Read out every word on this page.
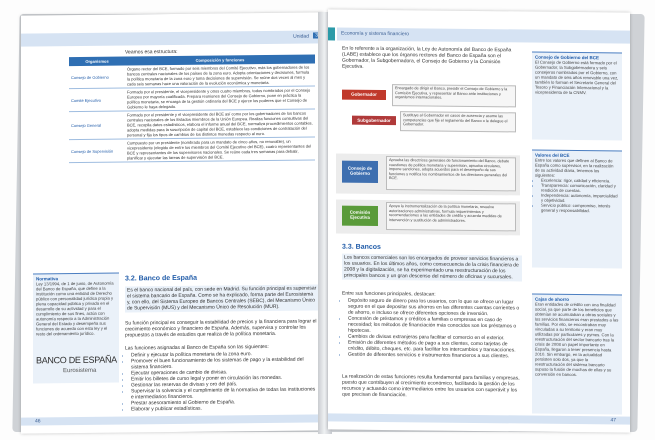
Unidad	3
Veamos esa estructura:
Organismos	Composición y funciones
Consejo de Gobierno	Órgano rector del BCE, formado por seis miembros del Comité Ejecutivo, más los gobernadores de los bancos centrales nacionales de los países de la zona euro. Adopta orientaciones y decisiones, formula la política monetaria de la zona euro y toma decisiones de supervisión. Se reúne dos veces al mes y cada seis semanas hace una valoración de la evolución económica y monetaria.
Comité Ejecutivo	Formado por el presidente, el vicepresidente y otros cuatro miembros, todos nombrados por el Consejo Europeo por mayoría cualificada. Prepara reuniones del Consejo de Gobierno, pone en práctica la política monetaria, se encarga de la gestión ordinaria del BCE y ejerce los poderes que el Consejo de Gobierno le haya delegado.
Consejo General	Formado por el presidente y el vicepresidente del BCE así como por los gobernadores de los bancos centrales nacionales de los Estados miembros de la Unión Europea. Realiza funciones consultivas del BCE, recopila datos estadísticos, elabora el informe anual del BCE, normaliza procedimientos contables, adopta medidas para la suscripción de capital del BCE, establece las condiciones de contratación del personal y fija los tipos de cambios de los distintos monedas respecto al euro.
Consejo de Supervisión	Compuesto por un presidente (nombrado para un mandato de cinco años, no renovable), un vicepresidente (elegido de entre los miembros del Comité Ejecutivo del BCE), cuatro representantes del BCE y representantes de los supervisores nacionales. Se reúne cada tres semanas para debatir, planificar y ejecutar las tareas de supervisión del BCE.
Normativa
Ley 13/1994, de 1 de junio, de Autonomía del Banco de España, que define a la institución como una entidad de Derecho público con personalidad jurídica propia y plena capacidad pública y privada en el desarrollo de su actividad y para el cumplimiento de sus fines, actúa con autonomía respecto a la Administración General del Estado y desempeña sus funciones de acuerdo con esta ley y el resto del ordenamiento jurídico.
BANCO DE ESPAÑA
Eurosistema
3.2. Banco de España
Es el banco nacional del país, con sede en Madrid. Su función principal es supervisar el sistema bancario de España. Como se ha explicado, forma parte del Eurosistema y, con ello, del Sistema Europeo de Bancos Centrales (SEBC), del Mecanismo Único de Supervisión (MUS) y del Mecanismo Único de Resolución (MUR).
Su función principal es conseguir la estabilidad de precios y la financiera para lograr el crecimiento económico y financiero de España. Además, supervisa y controlar los propuestos a través de estudios que realiza de la política monetaria.
Las funciones asignadas al Banco de España son las siguientes:
• Definir y ejecutar la política monetaria de la zona euro.
• Promover el buen funcionamiento de los sistemas de pago y la estabilidad del sistema financiero.
• Ejecutar operaciones de cambio de divisas.
• Emitir los billetes de curso legal y poner en circulación las monedas.
• Gestionar las reservas de divisas y oro del país.
• Supervisar la solvencia y el cumplimiento de la normativa de todas las instituciones e intermediarios financieros.
• Prestar asesoramiento al Gobierno de España.
• Elaborar y publicar estadísticas.
46
Economía y sistema financiero
En lo referente a la organización, la Ley de Autonomía del Banco de España (LABE) establece que los órganos rectores del Banco de España son el Gobernador, la Subgobernadora, el Consejo de Gobierno y la Comisión Ejecutiva.
Gobernador
Encargado de dirigir el Banco, presidir el Consejo de Gobierno y la Comisión Ejecutiva, y representar al Banco ante instituciones y organismos internacionales.
Subgobernador
Sustituye al Gobernador en casos de ausencia y asume las competencias que fije el reglamento del Banco o le delegue el Gobernador.
Consejo de Gobierno
Aprueba las directrices generales de funcionamiento del Banco, debate cuestiones de política monetaria y supervisión, aprueba circulares, impone sanciones, adopta acuerdos para el desempeño de sus funciones y notifica los nombramientos de los directores generales del BCE.
Comisión Ejecutiva
Apoya la instrumentalización de la política monetaria, resuelve autorizaciones administrativas, formula requerimientos y recomendaciones a las entidades de crédito y acuerda medidas de intervención y sustitución de administradores.
3.3. Bancos
Los bancos comerciales son los encargados de proveer servicios financieros a los usuarios. En los últimos años, como consecuencia de la crisis financiera de 2008 y la digitalización, se ha experimentado una reestructuración de los principales bancos y un gran descenso del número de oficinas y sucursales.
Entre sus funciones principales, destacan:
• Depósito seguro de dinero para los usuarios, con lo que se ofrece un lugar seguro en el que depositar sus ahorros en las diferentes cuentas corrientes o de ahorro, e incluso se ofrece diferentes opciones de inversión.
• Concesión de préstamos y créditos a familias o empresas en caso de necesidad; los métodos de financiación más conocidos son los préstamos o hipotecas.
• Cambios de divisas extranjeras para facilitar el comercio en el exterior.
• Emisión de diferentes métodos de pago a sus clientes, como tarjetas de crédito, débito, cheques, etc. para facilitar los intercambios y transacciones.
• Gestión de diferentes servicios e instrumentos financieros a sus clientes.
La realización de estas funciones resulta fundamental para familias y empresas, puesto que contribuyen al crecimiento económico, facilitando la gestión de los recursos y actuando como intermediarios entre los usuarios con superávit y los que precisan de financiación.
Consejo de Gobierno del BCE
El Consejo de Gobierno está formado por el Gobernador, la Subgobernadora y seis consejeros nombrados por el Gobierno, con un mandato de seis años renovable una vez, también lo forman el Secretario General del Tesoro y Financiación Internacional y la vicepresidenta de la CNMV.
Valores del BCE
Entre los valores que definen al Banco de España como supervisor, en la realización de su actividad diaria, tenemos los siguientes:
• Excelencia: rigor, calidad y eficiencia.
• Transparencia: comunicación, claridad y rendición de cuentas.
• Independencia: autonomía, imparcialidad y objetividad.
• Servicio público: compromiso, interés general y responsabilidad.
Cajas de ahorro
Eran entidades de crédito con una finalidad social, ya que parte de los beneficios que obtenían se acumulaban a obras sociales y los servicios financieros eran prestados a las familias. Por ello, se encontraban muy vinculadas a su territorio y eran muy utilizadas por particulares y pymes. Con la reestructuración del sector bancario tras la crisis de 2008 un papel importante en España, llegaron a tener presencia hasta 2010. Sin embargo, en la actualidad persisten solo dos, ya que la reestructuración del sistema bancario supuso la fusión de muchas de ellas y su conversión en bancos.
47
